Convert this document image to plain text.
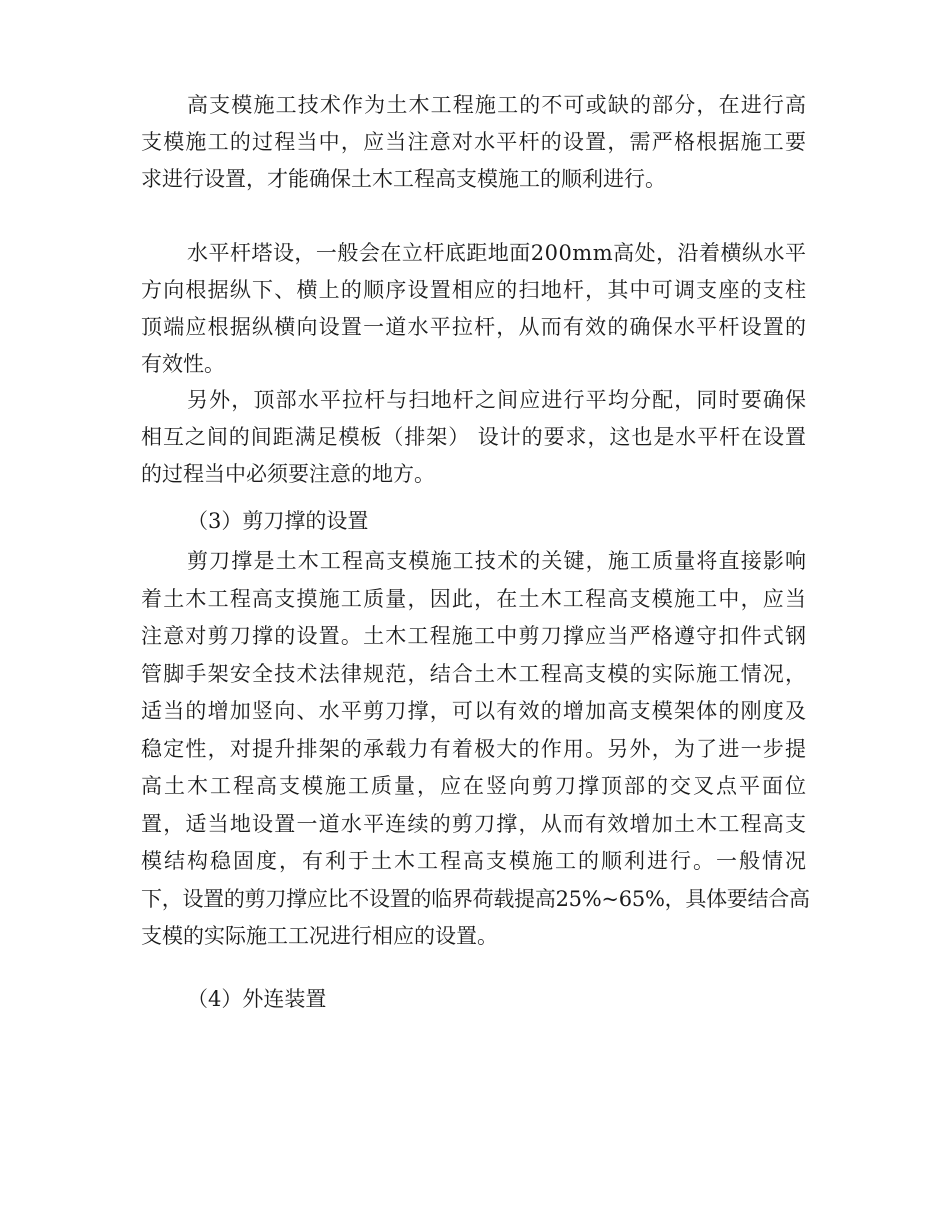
高支模施工技术作为土木工程施工的不可或缺的部分，在进行高

支模施工的过程当中，应当注意对水平杆的设置，需严格根据施工要

求进行设置，才能确保土木工程高支模施工的顺利进行。

水平杆塔设，一般会在立杆底距地面200mm高处，沿着横纵水平

方向根据纵下、横上的顺序设置相应的扫地杆，其中可调支座的支柱

顶端应根据纵横向设置一道水平拉杆，从而有效的确保水平杆设置的

有效性。

另外，顶部水平拉杆与扫地杆之间应进行平均分配，同时要确保

相互之间的间距满足模板（排架） 设计的要求，这也是水平杆在设置

的过程当中必须要注意的地方。

（3）剪刀撑的设置

剪刀撑是土木工程高支模施工技术的关键，施工质量将直接影响

着土木工程高支摸施工质量，因此，在土木工程高支模施工中，应当

注意对剪刀撑的设置。土木工程施工中剪刀撑应当严格遵守扣件式钢

管脚手架安全技术法律规范，结合土木工程高支模的实际施工情况，

适当的增加竖向、水平剪刀撑，可以有效的增加高支模架体的刚度及

稳定性，对提升排架的承载力有着极大的作用。另外，为了进一步提

高土木工程高支模施工质量，应在竖向剪刀撑顶部的交叉点平面位

置，适当地设置一道水平连续的剪刀撑，从而有效增加土木工程高支

模结构稳固度，有利于土木工程高支模施工的顺利进行。一般情况

下，设置的剪刀撑应比不设置的临界荷载提高25%~65%，具体要结合高

支模的实际施工工况进行相应的设置。

（4）外连装置
